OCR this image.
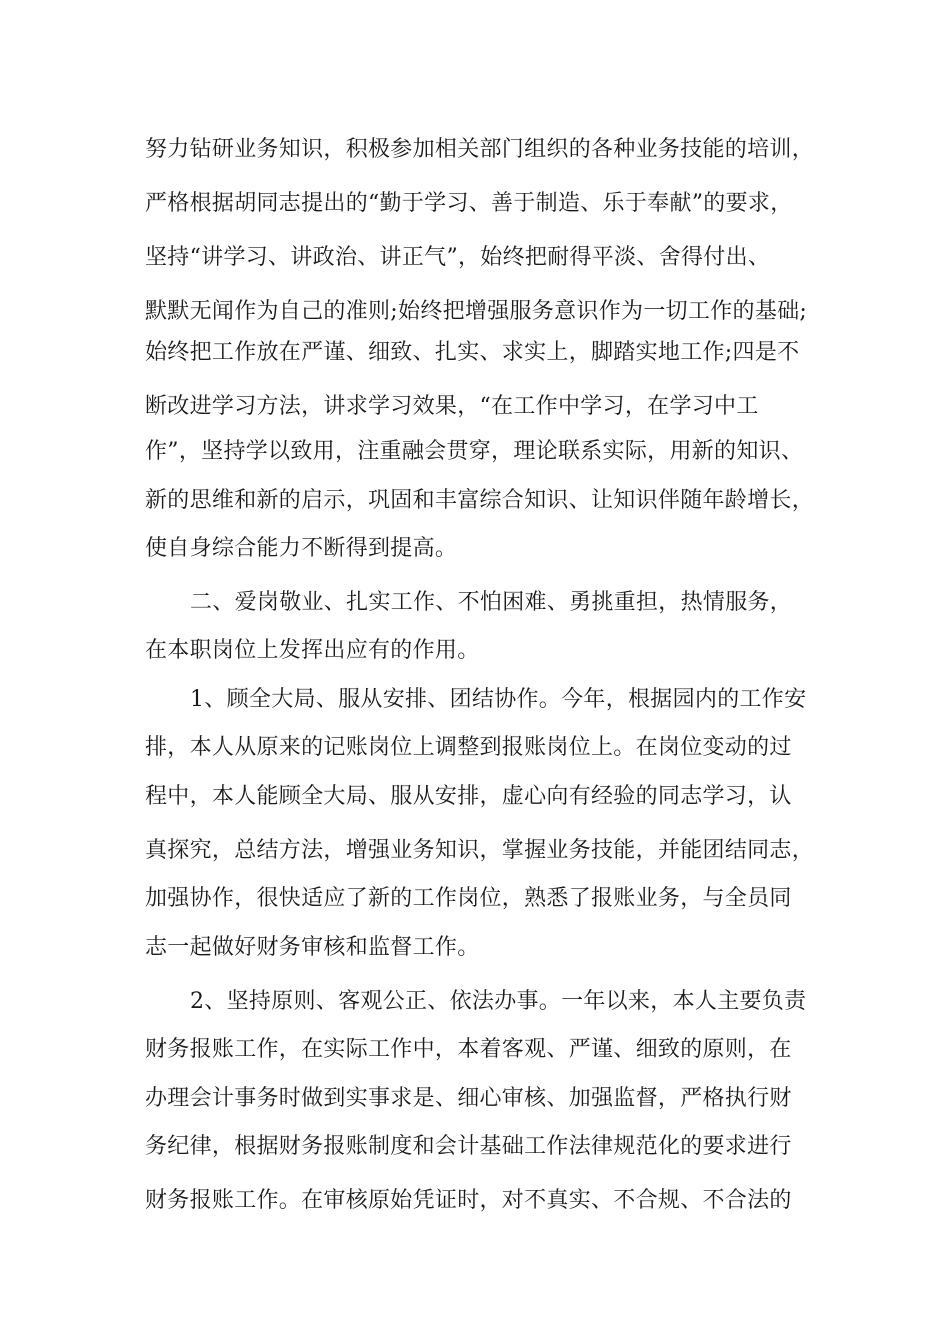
努力钻研业务知识，积极参加相关部门组织的各种业务技能的培训，
严格根据胡同志提出的“勤于学习、善于制造、乐于奉献”的要求，
坚持“讲学习、讲政治、讲正气”，始终把耐得平淡、舍得付出、
默默无闻作为自己的准则;始终把增强服务意识作为一切工作的基础;
始终把工作放在严谨、细致、扎实、求实上，脚踏实地工作;四是不
断改进学习方法，讲求学习效果，“在工作中学习，在学习中工
作”，坚持学以致用，注重融会贯穿，理论联系实际，用新的知识、
新的思维和新的启示，巩固和丰富综合知识、让知识伴随年龄增长，
使自身综合能力不断得到提高。
二、爱岗敬业、扎实工作、不怕困难、勇挑重担，热情服务，
在本职岗位上发挥出应有的作用。
1、顾全大局、服从安排、团结协作。今年，根据园内的工作安
排，本人从原来的记账岗位上调整到报账岗位上。在岗位变动的过
程中，本人能顾全大局、服从安排，虚心向有经验的同志学习，认
真探究，总结方法，增强业务知识，掌握业务技能，并能团结同志，
加强协作，很快适应了新的工作岗位，熟悉了报账业务，与全员同
志一起做好财务审核和监督工作。
2、坚持原则、客观公正、依法办事。一年以来，本人主要负责
财务报账工作，在实际工作中，本着客观、严谨、细致的原则，在
办理会计事务时做到实事求是、细心审核、加强监督，严格执行财
务纪律，根据财务报账制度和会计基础工作法律规范化的要求进行
财务报账工作。在审核原始凭证时，对不真实、不合规、不合法的
